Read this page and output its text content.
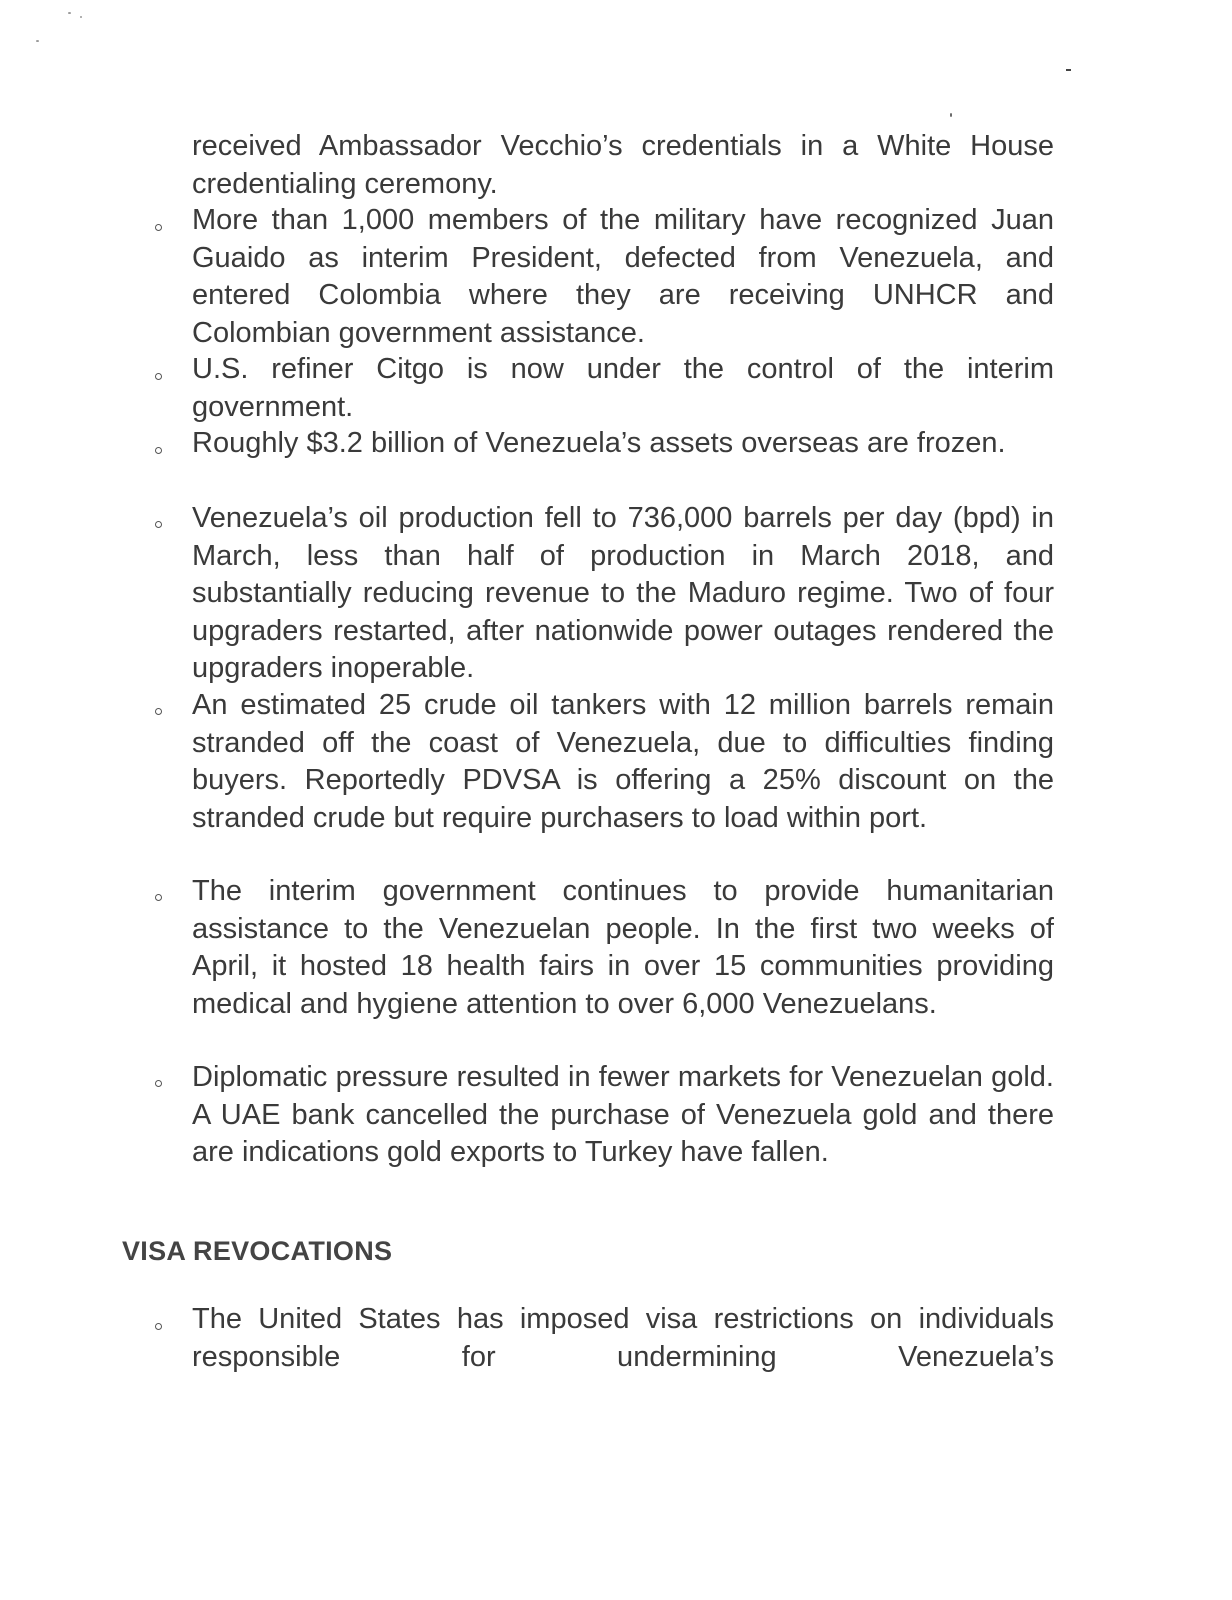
received Ambassador Vecchio’s credentials in a White House credentialing ceremony.

More than 1,000 members of the military have recognized Juan Guaido as interim President, defected from Venezuela, and entered Colombia where they are receiving UNHCR and Colombian government assistance.

U.S. refiner Citgo is now under the control of the interim government.

Roughly $3.2 billion of Venezuela’s assets overseas are frozen.

Venezuela’s oil production fell to 736,000 barrels per day (bpd) in March, less than half of production in March 2018, and substantially reducing revenue to the Maduro regime. Two of four upgraders restarted, after nationwide power outages rendered the upgraders inoperable.

An estimated 25 crude oil tankers with 12 million barrels remain stranded off the coast of Venezuela, due to difficulties finding buyers. Reportedly PDVSA is offering a 25% discount on the stranded crude but require purchasers to load within port.

The interim government continues to provide humanitarian assistance to the Venezuelan people. In the first two weeks of April, it hosted 18 health fairs in over 15 communities providing medical and hygiene attention to over 6,000 Venezuelans.

Diplomatic pressure resulted in fewer markets for Venezuelan gold. A UAE bank cancelled the purchase of Venezuela gold and there are indications gold exports to Turkey have fallen.

VISA REVOCATIONS

The United States has imposed visa restrictions on individuals responsible for undermining Venezuela’s
